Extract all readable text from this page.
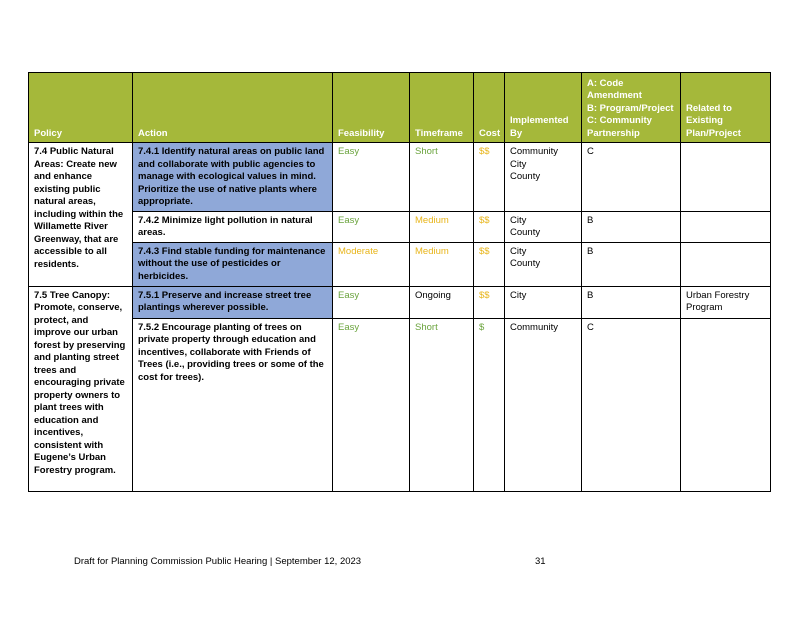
Policy	Action	Feasibility	Timeframe	Cost	Implemented By	A: Code Amendment
B: Program/Project
C: Community Partnership	Related to Existing Plan/Project
7.4 Public Natural Areas: Create new and enhance existing public natural areas, including within the Willamette River Greenway, that are accessible to all residents.	7.4.1 Identify natural areas on public land and collaborate with public agencies to manage with ecological values in mind. Prioritize the use of native plants where appropriate.	Easy	Short	$$	Community
City
County	C	
	7.4.2 Minimize light pollution in natural areas.	Easy	Medium	$$	City
County	B	
	7.4.3 Find stable funding for maintenance without the use of pesticides or herbicides.	Moderate	Medium	$$	City
County	B	
7.5 Tree Canopy: Promote, conserve, protect, and improve our urban forest by preserving and planting street trees and encouraging private property owners to plant trees with education and incentives, consistent with Eugene’s Urban Forestry program.	7.5.1 Preserve and increase street tree plantings wherever possible.	Easy	Ongoing	$$	City	B	Urban Forestry Program
	7.5.2 Encourage planting of trees on private property through education and incentives, collaborate with Friends of Trees (i.e., providing trees or some of the cost for trees).	Easy	Short	$	Community	C	
Draft for Planning Commission Public Hearing | September 12, 2023	31
